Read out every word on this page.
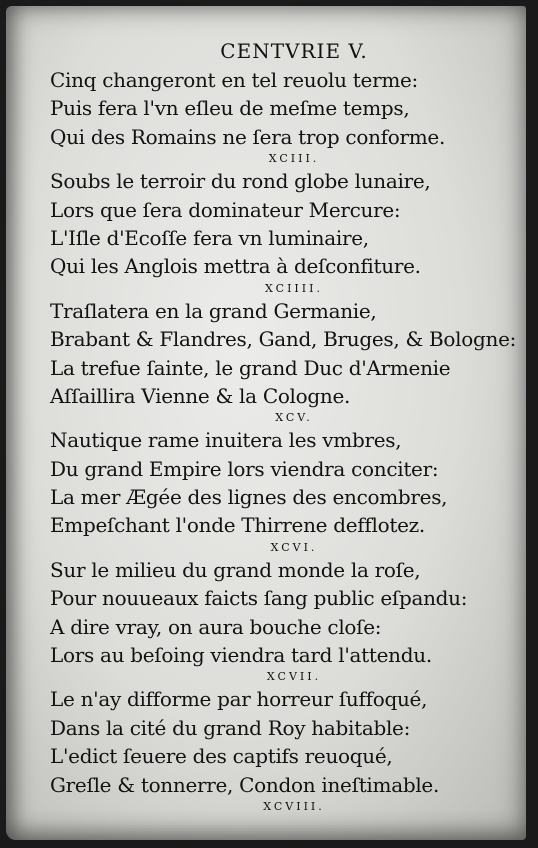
CENTVRIE V.
Cinq changeront en tel reuolu terme:
Puis fera l'vn eſleu de meſme temps,
Qui des Romains ne ſera trop conforme.
XCIII.
Soubs le terroir du rond globe lunaire,
Lors que ſera dominateur Mercure:
L'Iſle d'Ecoſſe fera vn luminaire,
Qui les Anglois mettra à deſconfiture.
XCIIII.
Traſlatera en la grand Germanie,
Brabant & Flandres, Gand, Bruges, & Bologne:
La trefue ſainte, le grand Duc d'Armenie
Aſſaillira Vienne & la Cologne.
XCV.
Nautique rame inuitera les vmbres,
Du grand Empire lors viendra conciter:
La mer Ægée des lignes des encombres,
Empeſchant l'onde Thirrene defflotez.
XCVI.
Sur le milieu du grand monde la roſe,
Pour nouueaux faicts ſang public eſpandu:
A dire vray, on aura bouche cloſe:
Lors au beſoing viendra tard l'attendu.
XCVII.
Le n'ay difforme par horreur ſuffoqué,
Dans la cité du grand Roy habitable:
L'edict ſeuere des captifs reuoqué,
Greſle & tonnerre, Condon ineſtimable.
XCVIII.
